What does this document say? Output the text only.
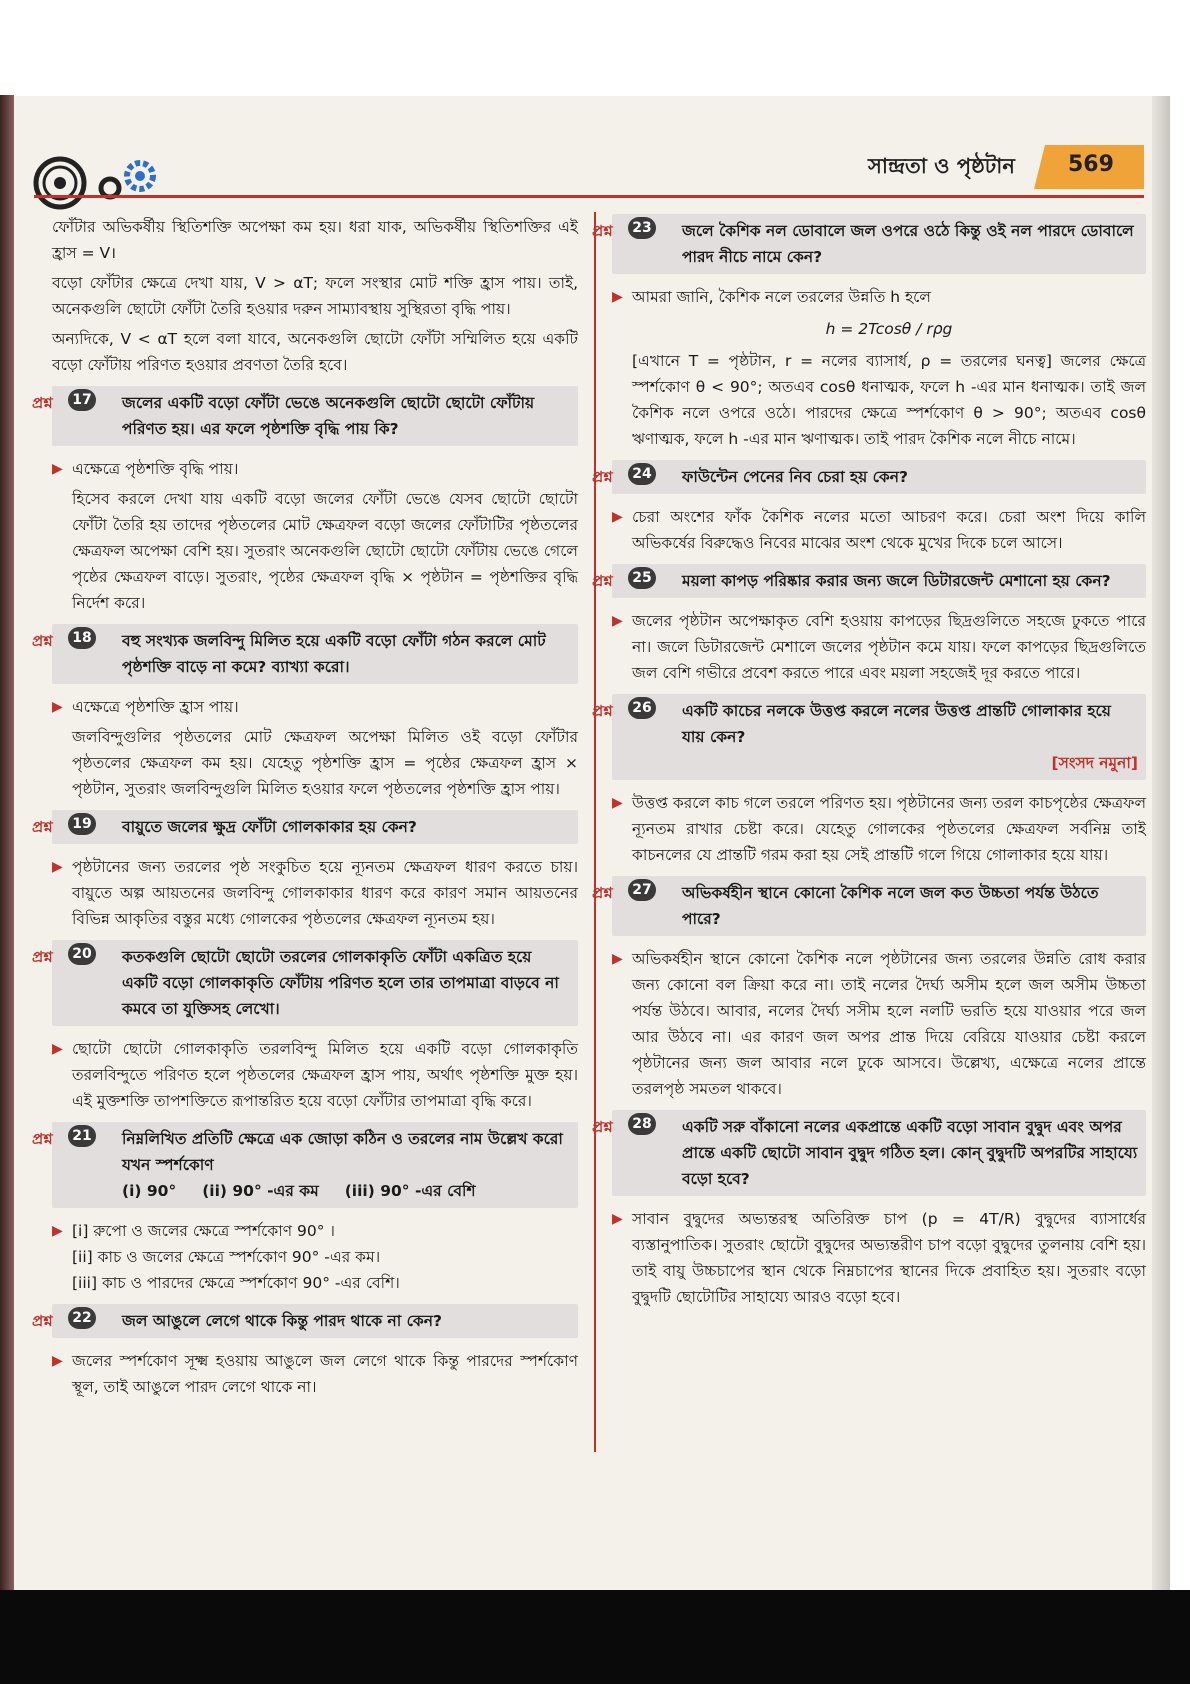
সান্দ্রতা ও পৃষ্ঠটান 569

ফোঁটার অভিকর্ষীয় স্থিতিশক্তি অপেক্ষা কম হয়। ধরা যাক, অভিকর্ষীয় স্থিতিশক্তির এই হ্রাস = V।

বড়ো ফোঁটার ক্ষেত্রে দেখা যায়, V > αT; ফলে সংস্থার মোট শক্তি হ্রাস পায়। তাই, অনেকগুলি ছোটো ফোঁটা তৈরি হওয়ার দরুন সাম্যাবস্থায় সুস্থিরতা বৃদ্ধি পায়।

অন্যদিকে, V < αT হলে বলা যাবে, অনেকগুলি ছোটো ফোঁটা সম্মিলিত হয়ে একটি বড়ো ফোঁটায় পরিণত হওয়ার প্রবণতা তৈরি হবে।

প্রশ্ন	17 জলের একটি বড়ো ফোঁটা ভেঙে অনেকগুলি ছোটো ছোটো ফোঁটায় পরিণত হয়। এর ফলে পৃষ্ঠশক্তি বৃদ্ধি পায় কি?
▶ এক্ষেত্রে পৃষ্ঠশক্তি বৃদ্ধি পায়।

হিসেব করলে দেখা যায় একটি বড়ো জলের ফোঁটা ভেঙে যেসব ছোটো ছোটো ফোঁটা তৈরি হয় তাদের পৃষ্ঠতলের মোট ক্ষেত্রফল বড়ো জলের ফোঁটাটির পৃষ্ঠতলের ক্ষেত্রফল অপেক্ষা বেশি হয়। সুতরাং অনেকগুলি ছোটো ছোটো ফোঁটায় ভেঙে গেলে পৃষ্ঠের ক্ষেত্রফল বাড়ে। সুতরাং, পৃষ্ঠের ক্ষেত্রফল বৃদ্ধি × পৃষ্ঠটান = পৃষ্ঠশক্তির বৃদ্ধি নির্দেশ করে।

প্রশ্ন	18 বহু সংখ্যক জলবিন্দু মিলিত হয়ে একটি বড়ো ফোঁটা গঠন করলে মোট পৃষ্ঠশক্তি বাড়ে না কমে? ব্যাখ্যা করো।
▶ এক্ষেত্রে পৃষ্ঠশক্তি হ্রাস পায়।

জলবিন্দুগুলির পৃষ্ঠতলের মোট ক্ষেত্রফল অপেক্ষা মিলিত ওই বড়ো ফোঁটার পৃষ্ঠতলের ক্ষেত্রফল কম হয়। যেহেতু পৃষ্ঠশক্তি হ্রাস = পৃষ্ঠের ক্ষেত্রফল হ্রাস × পৃষ্ঠটান, সুতরাং জলবিন্দুগুলি মিলিত হওয়ার ফলে পৃষ্ঠতলের পৃষ্ঠশক্তি হ্রাস পায়।

প্রশ্ন	19 বায়ুতে জলের ক্ষুদ্র ফোঁটা গোলকাকার হয় কেন?
▶ পৃষ্ঠটানের জন্য তরলের পৃষ্ঠ সংকুচিত হয়ে ন্যূনতম ক্ষেত্রফল ধারণ করতে চায়। বায়ুতে অল্প আয়তনের জলবিন্দু গোলকাকার ধারণ করে কারণ সমান আয়তনের বিভিন্ন আকৃতির বস্তুর মধ্যে গোলকের পৃষ্ঠতলের ক্ষেত্রফল ন্যূনতম হয়।

প্রশ্ন	20 কতকগুলি ছোটো ছোটো তরলের গোলকাকৃতি ফোঁটা একত্রিত হয়ে একটি বড়ো গোলকাকৃতি ফোঁটায় পরিণত হলে তার তাপমাত্রা বাড়বে না কমবে তা যুক্তিসহ লেখো।
▶ ছোটো ছোটো গোলকাকৃতি তরলবিন্দু মিলিত হয়ে একটি বড়ো গোলকাকৃতি তরলবিন্দুতে পরিণত হলে পৃষ্ঠতলের ক্ষেত্রফল হ্রাস পায়, অর্থাৎ পৃষ্ঠশক্তি মুক্ত হয়। এই মুক্তশক্তি তাপশক্তিতে রূপান্তরিত হয়ে বড়ো ফোঁটার তাপমাত্রা বৃদ্ধি করে।

প্রশ্ন	21 নিম্নলিখিত প্রতিটি ক্ষেত্রে এক জোড়া কঠিন ও তরলের নাম উল্লেখ করো যখন স্পর্শকোণ
(i) 90° (ii) 90° -এর কম (iii) 90° -এর বেশি
▶ [i] রুপো ও জলের ক্ষেত্রে স্পর্শকোণ 90° ।
[ii] কাচ ও জলের ক্ষেত্রে স্পর্শকোণ 90° -এর কম।
[iii] কাচ ও পারদের ক্ষেত্রে স্পর্শকোণ 90° -এর বেশি।
প্রশ্ন	22 জল আঙুলে লেগে থাকে কিন্তু পারদ থাকে না কেন?
▶ জলের স্পর্শকোণ সূক্ষ্ম হওয়ায় আঙুলে জল লেগে থাকে কিন্তু পারদের স্পর্শকোণ স্থূল, তাই আঙুলে পারদ লেগে থাকে না।

প্রশ্ন	23 জলে কৈশিক নল ডোবালে জল ওপরে ওঠে কিন্তু ওই নল পারদে ডোবালে পারদ নীচে নামে কেন?
▶ আমরা জানি, কৈশিক নলে তরলের উন্নতি h হলে

h = 2Tcosθ / rρg

[এখানে T = পৃষ্ঠটান, r = নলের ব্যাসার্ধ, ρ = তরলের ঘনত্ব] জলের ক্ষেত্রে স্পর্শকোণ θ < 90°; অতএব cosθ ধনাত্মক, ফলে h -এর মান ধনাত্মক। তাই জল কৈশিক নলে ওপরে ওঠে। পারদের ক্ষেত্রে স্পর্শকোণ θ > 90°; অতএব cosθ ঋণাত্মক, ফলে h -এর মান ঋণাত্মক। তাই পারদ কৈশিক নলে নীচে নামে।

প্রশ্ন	24 ফাউন্টেন পেনের নিব চেরা হয় কেন?
▶ চেরা অংশের ফাঁক কৈশিক নলের মতো আচরণ করে। চেরা অংশ দিয়ে কালি অভিকর্ষের বিরুদ্ধেও নিবের মাঝের অংশ থেকে মুখের দিকে চলে আসে।

প্রশ্ন	25 ময়লা কাপড় পরিষ্কার করার জন্য জলে ডিটারজেন্ট মেশানো হয় কেন?
▶ জলের পৃষ্ঠটান অপেক্ষাকৃত বেশি হওয়ায় কাপড়ের ছিদ্রগুলিতে সহজে ঢুকতে পারে না। জলে ডিটারজেন্ট মেশালে জলের পৃষ্ঠটান কমে যায়। ফলে কাপড়ের ছিদ্রগুলিতে জল বেশি গভীরে প্রবেশ করতে পারে এবং ময়লা সহজেই দূর করতে পারে।

প্রশ্ন	26 একটি কাচের নলকে উত্তপ্ত করলে নলের উত্তপ্ত প্রান্তটি গোলাকার হয়ে যায় কেন?
[সংসদ নমুনা]
▶ উত্তপ্ত করলে কাচ গলে তরলে পরিণত হয়। পৃষ্ঠটানের জন্য তরল কাচপৃষ্ঠের ক্ষেত্রফল ন্যূনতম রাখার চেষ্টা করে। যেহেতু গোলকের পৃষ্ঠতলের ক্ষেত্রফল সর্বনিম্ন তাই কাচনলের যে প্রান্তটি গরম করা হয় সেই প্রান্তটি গলে গিয়ে গোলাকার হয়ে যায়।

প্রশ্ন	27 অভিকর্ষহীন স্থানে কোনো কৈশিক নলে জল কত উচ্চতা পর্যন্ত উঠতে পারে?
▶ অভিকর্ষহীন স্থানে কোনো কৈশিক নলে পৃষ্ঠটানের জন্য তরলের উন্নতি রোধ করার জন্য কোনো বল ক্রিয়া করে না। তাই নলের দৈর্ঘ্য অসীম হলে জল অসীম উচ্চতা পর্যন্ত উঠবে। আবার, নলের দৈর্ঘ্য সসীম হলে নলটি ভরতি হয়ে যাওয়ার পরে জল আর উঠবে না। এর কারণ জল অপর প্রান্ত দিয়ে বেরিয়ে যাওয়ার চেষ্টা করলে পৃষ্ঠটানের জন্য জল আবার নলে ঢুকে আসবে। উল্লেখ্য, এক্ষেত্রে নলের প্রান্তে তরলপৃষ্ঠ সমতল থাকবে।

প্রশ্ন	28 একটি সরু বাঁকানো নলের একপ্রান্তে একটি বড়ো সাবান বুদ্বুদ এবং অপর প্রান্তে একটি ছোটো সাবান বুদ্বুদ গঠিত হল। কোন্ বুদ্বুদটি অপরটির সাহায্যে বড়ো হবে?
▶ সাবান বুদ্বুদের অভ্যন্তরস্থ অতিরিক্ত চাপ (p = 4T/R) বুদ্বুদের ব্যাসার্ধের ব্যস্তানুপাতিক। সুতরাং ছোটো বুদ্বুদের অভ্যন্তরীণ চাপ বড়ো বুদ্বুদের তুলনায় বেশি হয়। তাই বায়ু উচ্চচাপের স্থান থেকে নিম্নচাপের স্থানের দিকে প্রবাহিত হয়। সুতরাং বড়ো বুদ্বুদটি ছোটোটির সাহায্যে আরও বড়ো হবে।
